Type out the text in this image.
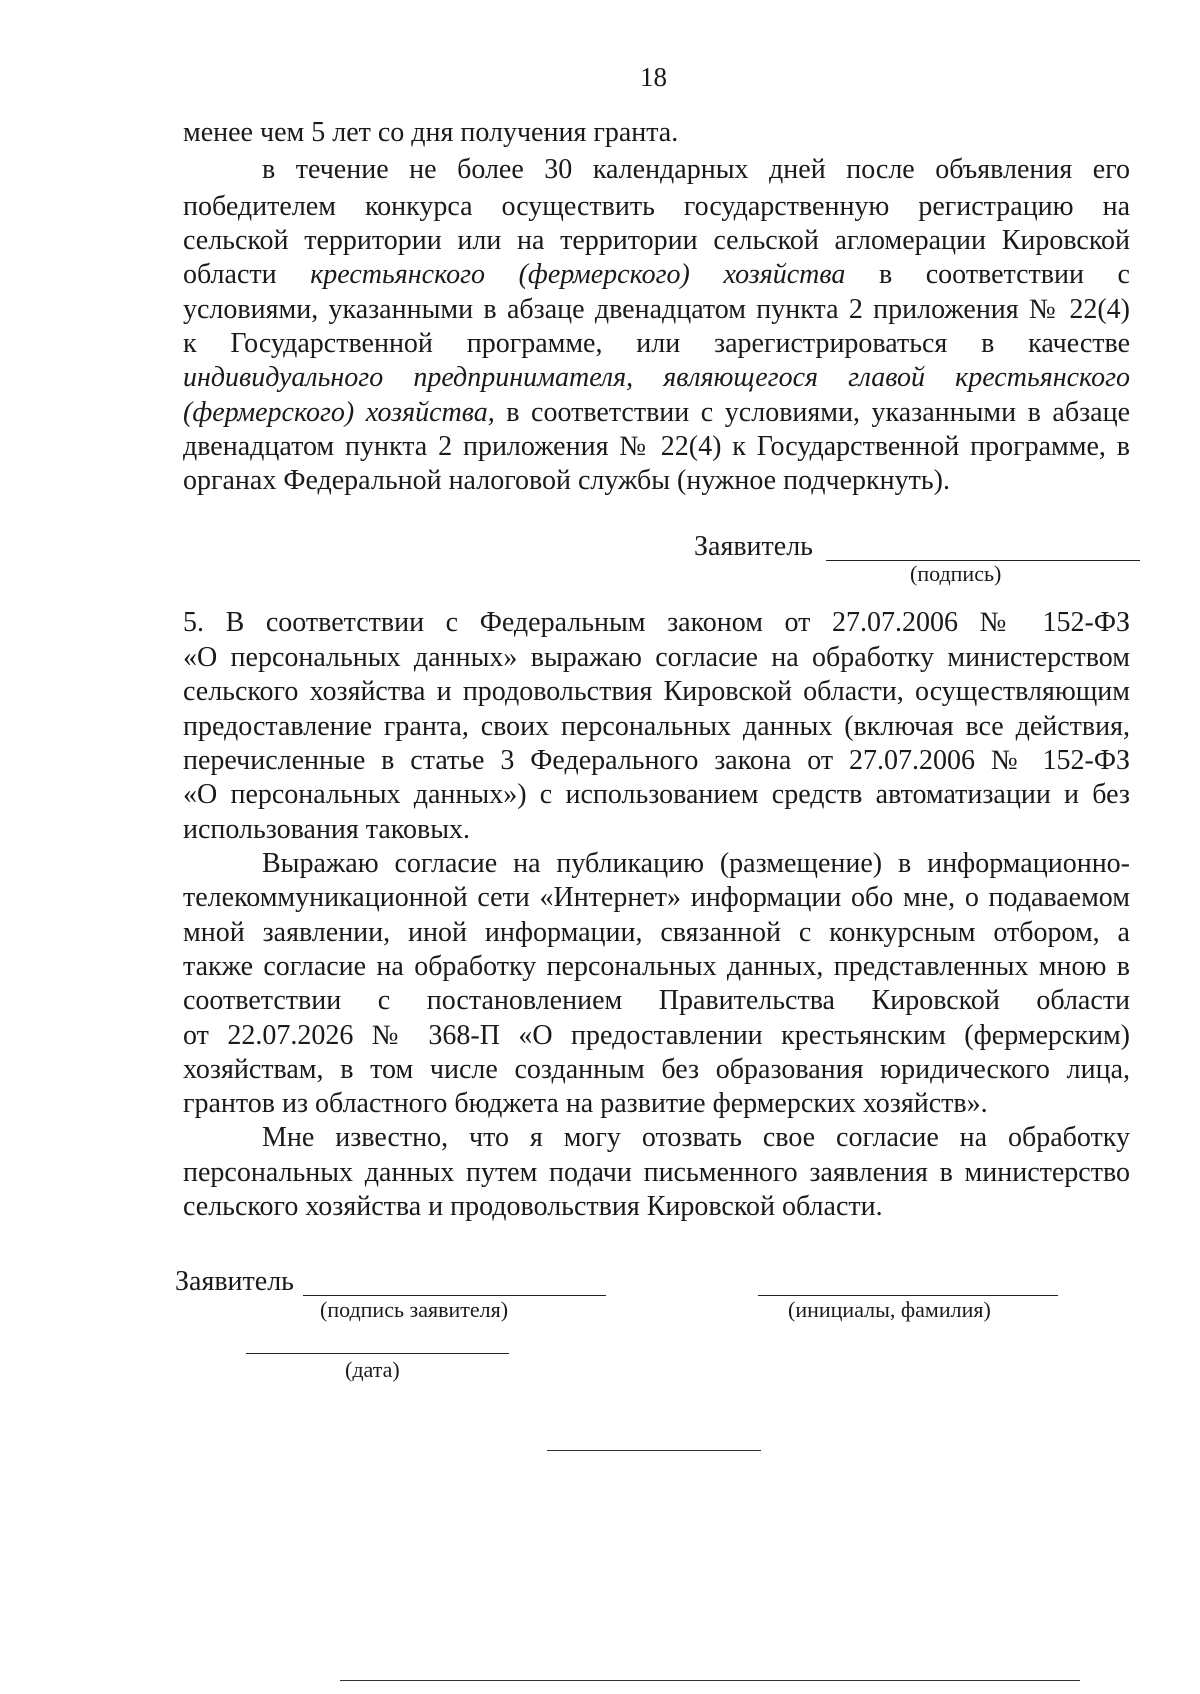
18
менее чем 5 лет со дня получения гранта.
в течение не более 30 календарных дней после объявления его
победителем конкурса осуществить государственную регистрацию на
сельской территории или на территории сельской агломерации Кировской
области крестьянского (фермерского) хозяйства в соответствии с
условиями, указанными в абзаце двенадцатом пункта 2 приложения № 22(4)
к Государственной программе, или зарегистрироваться в качестве
индивидуального предпринимателя, являющегося главой крестьянского
(фермерского) хозяйства, в соответствии с условиями, указанными в абзаце
двенадцатом пункта 2 приложения № 22(4) к Государственной программе, в
органах Федеральной налоговой службы (нужное подчеркнуть).
Заявитель
(подпись)
5. В соответствии с Федеральным законом от 27.07.2006 № 152-ФЗ
«О персональных данных» выражаю согласие на обработку министерством
сельского хозяйства и продовольствия Кировской области, осуществляющим
предоставление гранта, своих персональных данных (включая все действия,
перечисленные в статье 3 Федерального закона от 27.07.2006 № 152-ФЗ
«О персональных данных») с использованием средств автоматизации и без
использования таковых.
Выражаю согласие на публикацию (размещение) в информационно-
телекоммуникационной сети «Интернет» информации обо мне, о подаваемом
мной заявлении, иной информации, связанной с конкурсным отбором, а
также согласие на обработку персональных данных, представленных мною в
соответствии с постановлением Правительства Кировской области
от 22.07.2026 № 368-П «О предоставлении крестьянским (фермерским)
хозяйствам, в том числе созданным без образования юридического лица,
грантов из областного бюджета на развитие фермерских хозяйств».
Мне известно, что я могу отозвать свое согласие на обработку
персональных данных путем подачи письменного заявления в министерство
сельского хозяйства и продовольствия Кировской области.
Заявитель
(подпись заявителя)	(инициалы, фамилия)
(дата)
